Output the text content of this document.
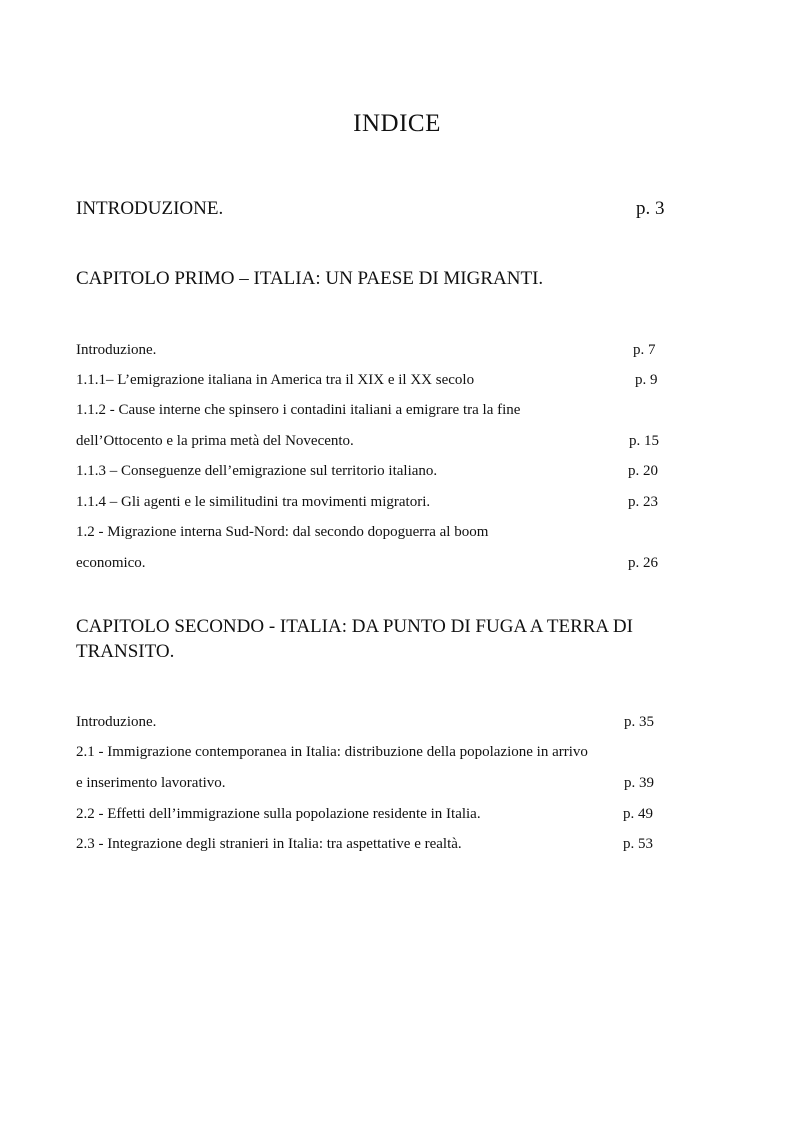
INDICE
INTRODUZIONE.	p. 3
CAPITOLO PRIMO – ITALIA: UN PAESE DI MIGRANTI.
Introduzione.	p. 7
1.1.1– L’emigrazione italiana in America tra il XIX e il XX secolo	p. 9
1.1.2 - Cause interne che spinsero i contadini italiani a emigrare tra la fine
dell’Ottocento e la prima metà del Novecento.	p. 15
1.1.3 – Conseguenze dell’emigrazione sul territorio italiano.	p. 20
1.1.4 – Gli agenti e le similitudini tra movimenti migratori.	p. 23
1.2 - Migrazione interna Sud-Nord: dal secondo dopoguerra al boom
economico.	p. 26
CAPITOLO SECONDO - ITALIA: DA PUNTO DI FUGA A TERRA DI
TRANSITO.
Introduzione.	p. 35
2.1 - Immigrazione contemporanea in Italia: distribuzione della popolazione in arrivo
e inserimento lavorativo.	p. 39
2.2 - Effetti dell’immigrazione sulla popolazione residente in Italia.	p. 49
2.3 - Integrazione degli stranieri in Italia: tra aspettative e realtà.	p. 53
